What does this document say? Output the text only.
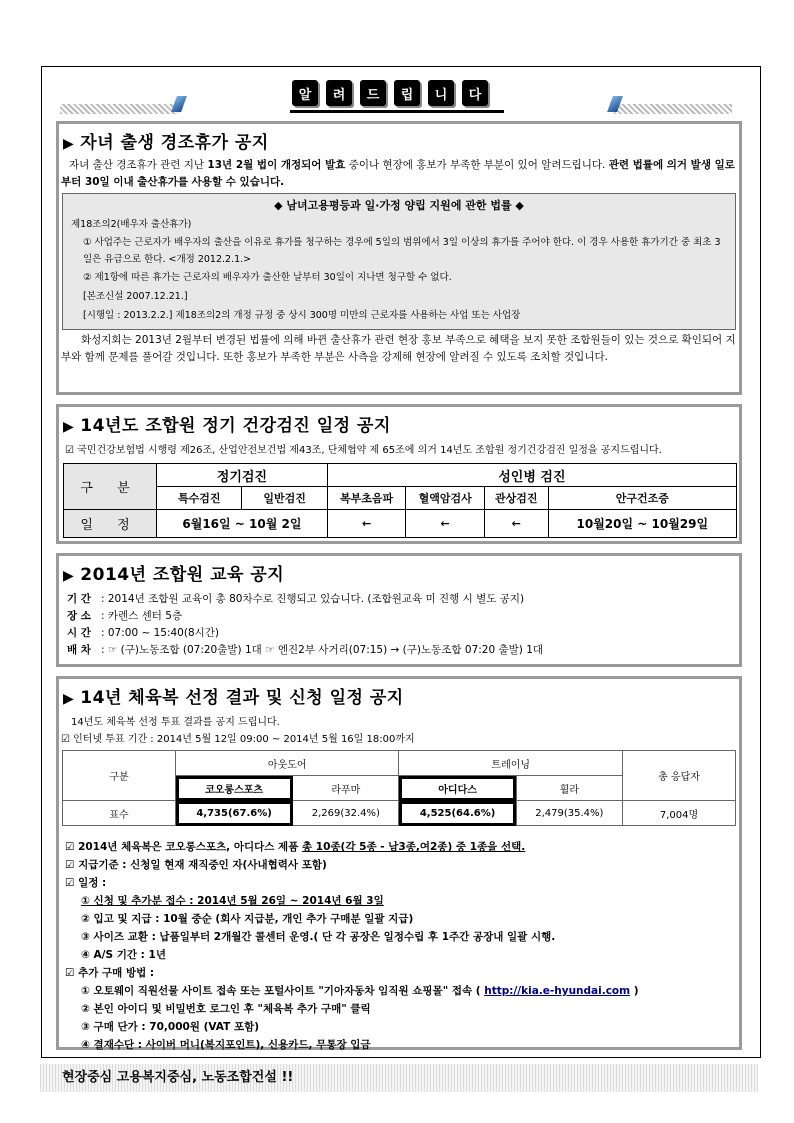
알	려	드	립	니	다
▶ 자녀 출생 경조휴가 공지
자녀 출산 경조휴가 관련 지난 13년 2월 법이 개정되어 발효 중이나 현장에 홍보가 부족한 부분이 있어 알려드립니다. 관련 법률에 의거 발생 일로부터 30일 이내 출산휴가를 사용할 수 있습니다.
◆ 남녀고용평등과 일·가정 양립 지원에 관한 법률 ◆
제18조의2(배우자 출산휴가)
① 사업주는 근로자가 배우자의 출산을 이유로 휴가를 청구하는 경우에 5일의 범위에서 3일 이상의 휴가를 주어야 한다. 이 경우 사용한 휴가기간 중 최초 3일은 유급으로 한다. <개정 2012.2.1.>
② 제1항에 따른 휴가는 근로자의 배우자가 출산한 날부터 30일이 지나면 청구할 수 없다.
[본조신설 2007.12.21.]
[시행일 : 2013.2.2.] 제18조의2의 개정 규정 중 상시 300명 미만의 근로자를 사용하는 사업 또는 사업장
화성지회는 2013년 2월부터 변경된 법률에 의해 바뀐 출산휴가 관련 현장 홍보 부족으로 혜택을 보지 못한 조합원들이 있는 것으로 확인되어 지부와 함께 문제를 풀어갈 것입니다. 또한 홍보가 부족한 부분은 사측을 강제해 현장에 알려질 수 있도록 조치할 것입니다.
▶ 14년도 조합원 정기 건강검진 일정 공지
☑ 국민건강보험법 시행령 제26조, 산업안전보건법 제43조, 단체협약 제 65조에 의거 14년도 조합원 정기건강검진 일정을 공지드립니다.
구 분	정기검진		성인병 검진			
	특수검진	일반검진	복부초음파	혈액암검사	관상검진	안구건조증
일 정	6월16일 ~ 10월 2일		←	←	←	10월20일 ~ 10월29일
▶ 2014년 조합원 교육 공지
기 간 : 2014년 조합원 교육이 총 80차수로 진행되고 있습니다. (조합원교육 미 진행 시 별도 공지)
장 소 : 카렌스 센터 5층
시 간 : 07:00 ~ 15:40(8시간)
배 차 : ☞ (구)노동조합 (07:20출발) 1대 ☞ 엔진2부 사거리(07:15) → (구)노동조합 07:20 출발) 1대
▶ 14년 체육복 선정 결과 및 신청 일정 공지
14년도 체육복 선정 투표 결과를 공지 드립니다.
☑ 인터넷 투표 기간 : 2014년 5월 12일 09:00 ~ 2014년 5월 16일 18:00까지
구분	아웃도어		트레이닝		총 응답자
	코오롱스포츠	라푸마	아디다스	휠라	
표수	4,735(67.6%)	2,269(32.4%)	4,525(64.6%)	2,479(35.4%)	7,004명
☑ 2014년 체육복은 코오롱스포츠, 아디다스 제품 총 10종(각 5종 - 남3종,여2종) 중 1종을 선택.
☑ 지급기준 : 신청일 현재 재직중인 자(사내협력사 포함)
☑ 일정 :
① 신청 및 추가분 접수 : 2014년 5월 26일 ~ 2014년 6월 3일
② 입고 및 지급 : 10월 중순 (회사 지급분, 개인 추가 구매분 일괄 지급)
③ 사이즈 교환 : 납품일부터 2개월간 콜센터 운영.( 단 각 공장은 일정수립 후 1주간 공장내 일괄 시행.
④ A/S 기간 : 1년
☑ 추가 구매 방법 :
① 오토웨이 직원선물 사이트 접속 또는 포털사이트 "기아자동차 임직원 쇼핑몰" 접속 ( http://kia.e-hyundai.com )
② 본인 아이디 및 비밀번호 로그인 후 "체육복 추가 구매" 클릭
③ 구매 단가 : 70,000원 (VAT 포함)
④ 결재수단 : 사이버 머니(복지포인트), 신용카드, 무통장 입금
현장중심 고용복지중심, 노동조합건설 !!
